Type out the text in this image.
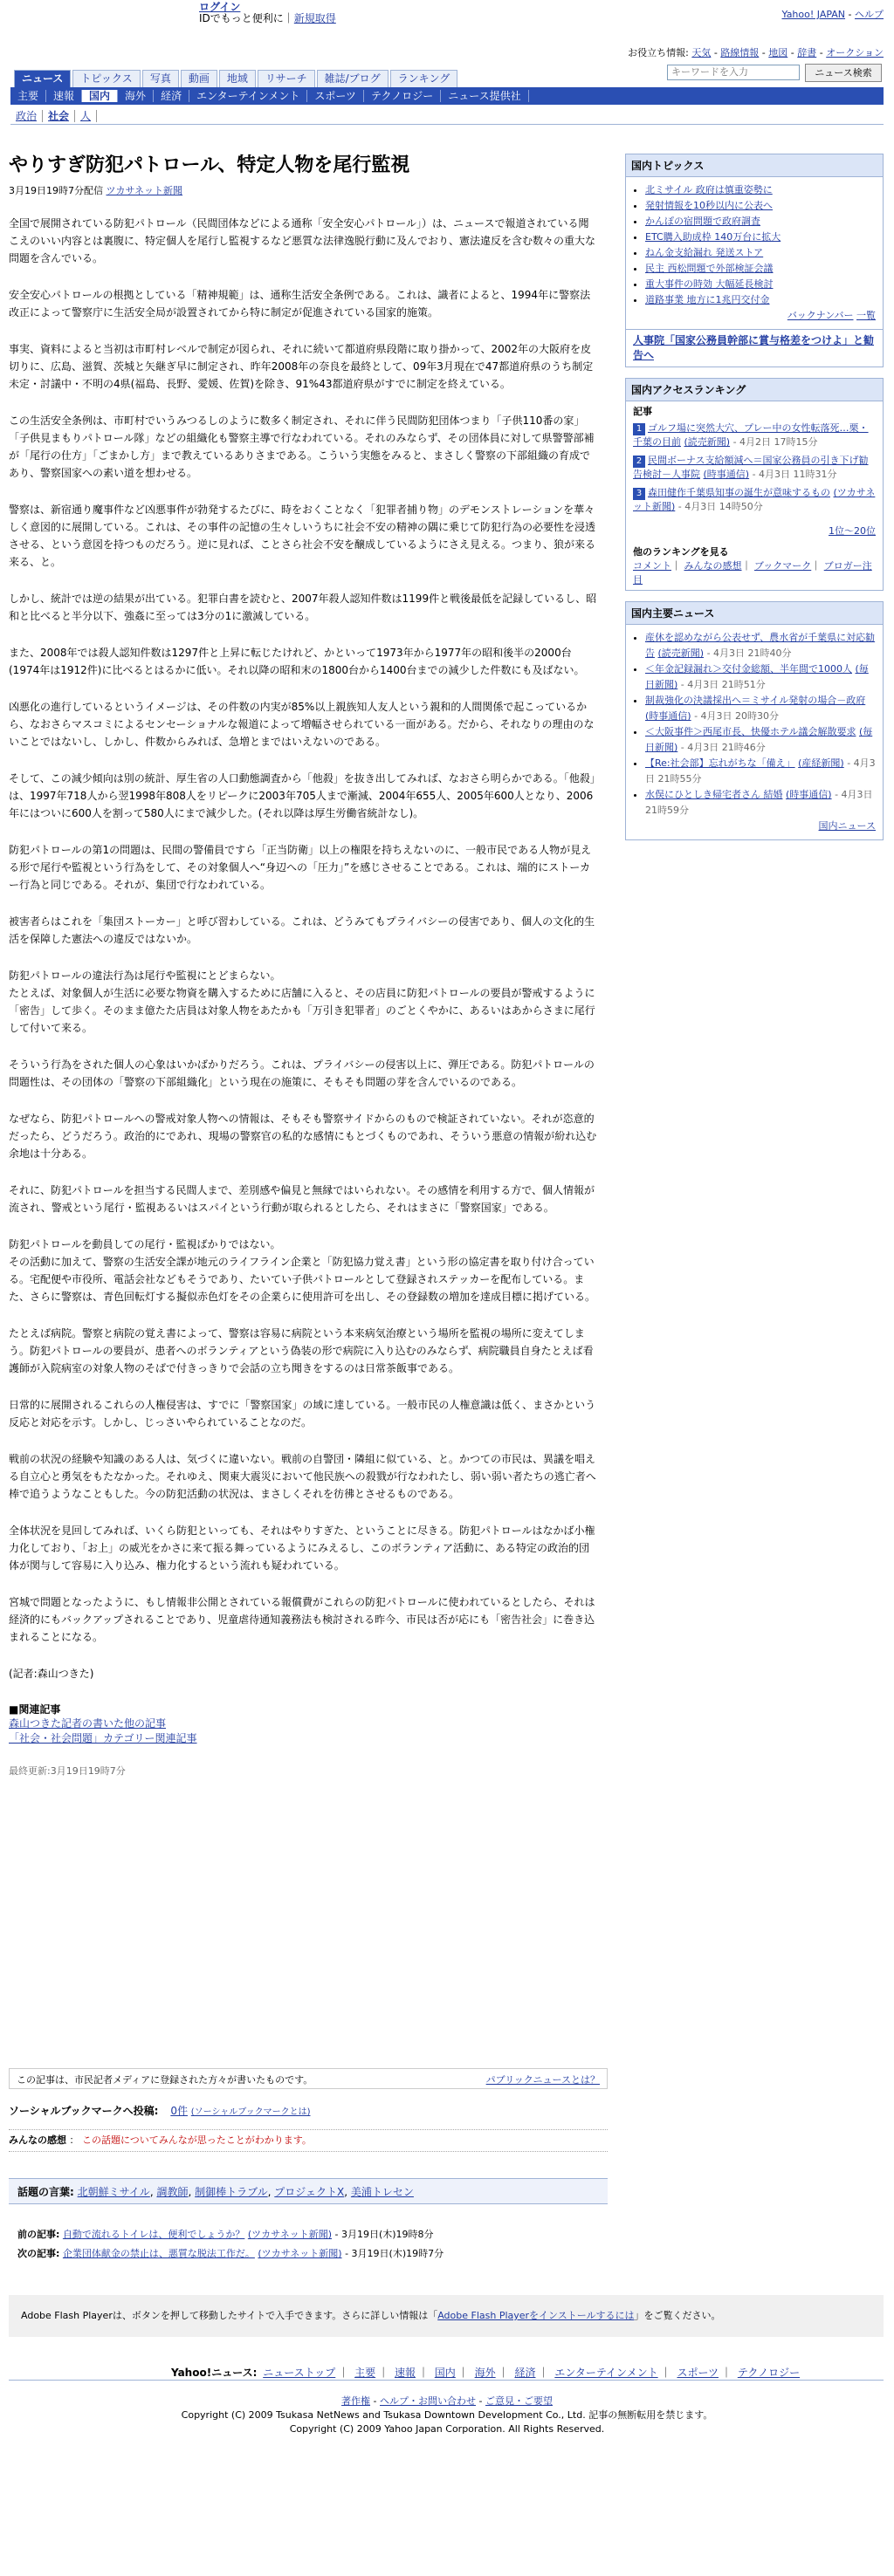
ログイン
IDでもっと便利に｜新規取得	Yahoo! JAPAN - ヘルプ
お役立ち情報: 天気 - 路線情報 - 地図 - 辞書 - オークション
キーワードを入力
ニュース検索
ニュース	トピックス	写真	動画	地域	リサーチ	雑誌/ブログ	ランキング
主要	速報	国内	海外	経済	エンターテインメント	スポーツ	テクノロジー	ニュース提供社
政治	社会	人
やりすぎ防犯パトロール、特定人物を尾行監視
3月19日19時7分配信 ツカサネット新聞

全国で展開されている防犯パトロール（民間団体などによる通称「安全安心パトロール」）は、ニュースで報道されている聞こえのいい内容とは裏腹に、特定個人を尾行し監視するなど悪質な法律逸脱行動に及んでおり、憲法違反を含む数々の重大な問題を含んでいる。

安全安心パトロールの根拠としている「精神規範」は、通称生活安全条例である。これは、識者によると、1994年に警察法改正によって警察庁に生活安全局が設置されてから特に制定が促進されている国家的施策。

事実、資料によると当初は市町村レベルで制定が図られ、それに続いて都道府県段階に取り掛かって、2002年の大阪府を皮切りに、広島、滋賀、茨城と矢継ぎ早に制定され、昨年2008年の奈良を最終として、09年3月現在で47都道府県のうち制定未定・討議中・不明の4県(福島、長野、愛媛、佐賀)を除き、91%43都道府県がすでに制定を終えている。

この生活安全条例は、市町村でいうみつるしのように数多く制定され、それに伴う民間防犯団体つまり「子供110番の家」「子供見まもりパトロール隊」などの組織化も警察主導で行なわれている。それのみならず、その団体員に対して県警警部補が「尾行の仕方」「ごまかし方」まで教えているありさまである。こういう実態をみると、まさしく警察の下部組織の育成であり、警察国家への素い道を想わせる。

警察は、新宿通り魔事件など凶悪事件が勃発するたびに、時をおくことなく「犯罪者捕り物」のデモンストレーションを華々しく意図的に展開している。これは、その事件の記憶の生々しいうちに社会不安の精神の隅に乗じて防犯行為の必要性を浸透させる、という意図を持つものだろう。逆に見れば、ことさら社会不安を醸成しているようにさえ見える。つまり、狼が来る来る、と。

しかし、統計では逆の結果が出ている。犯罪白書を読むと、2007年殺人認知件数は1199件と戦後最低を記録しているし、昭和と比べると半分以下、強姦に至っては3分の1に激減している。

また、2008年では殺人認知件数は1297件と上昇に転じたけれど、かといって1973年から1977年の昭和後半の2000台(1974年は1912件)に比べるとはるかに低い。それ以降の昭和末の1800台から1400台までの減少した件数にも及ばない。

凶悪化の進行しているというイメージは、その件数の内実が85%以上親族知人友人という親和的人間関係で起こっているから、なおさらマスコミによるセンセーショナルな報道によって増幅させられている一面がある。だから、それなりの理由のないことではないし、しかし、件数からみれば、急増とまではいえないのである。

そして、この減少傾向は別の統計、厚生省の人口動態調査から「他殺」を抜き出してみれば、なおさら明らかである。「他殺」は、1997年718人から翌1998年808人をリピークに2003年705人まで漸減、2004年655人、2005年600人となり、2006年にはついに600人を割って580人にまで減少した。(それ以降は厚生労働省統計なし)。

防犯パトロールの第1の問題は、民間の警備員ですら「正当防衛」以上の権限を持ちえないのに、一般市民である人物が見える形で尾行や監視という行為をして、その対象個人へ“身辺への「圧力」”を感じさせることである。これは、端的にストーカー行為と同じである。それが、集団で行なわれている。

被害者らはこれを「集団ストーカー」と呼び習わしている。これは、どうみてもプライバシーの侵害であり、個人の文化的生活を保障した憲法への違反ではないか。

防犯パトロールの違法行為は尾行や監視にとどまらない。
たとえば、対象個人が生活に必要な物資を購入するために店舗に入ると、その店員に防犯パトロールの要員が警戒するように「密告」して歩く。そのまま億たた店員は対象人物をあたかも「万引き犯罪者」のごとくやかに、あるいはあからさまに尾行して付いて来る。

そういう行為をされた個人の心象はいかばかりだろう。これは、プライバシーの侵害以上に、弾圧である。防犯パトロールの問題性は、その団体の「警察の下部組織化」という現在の施策に、そもそも問題の芽を含んでいるのである。

なぜなら、防犯パトロールへの警戒対象人物への情報は、そもそも警察サイドからのもので検証されていない。それが恣意的だったら、どうだろう。政治的にであれ、現場の警察官の私的な感情にもとづくものであれ、そういう悪意の情報が紛れ込む余地は十分ある。

それに、防犯パトロールを担当する民間人まで、差別感や偏見と無縁ではいられない。その感情を利用する方で、個人情報が流され、警戒という尾行・監視あるいはスパイという行動が取られるとしたら、それはまさに「警察国家」である。

防犯パトロールを動員しての尾行・監視ばかりではない。
その活動に加えて、警察の生活安全課が地元のライフライン企業と「防犯協力覚え書」という形の協定書を取り付け合っている。宅配便や市役所、電話会社などもそうであり、たいてい子供パトロールとして登録されステッカーを配布している。また、さらに警察は、青色回転灯する擬似赤色灯をその企業らに使用許可を出し、その登録数の増加を達成目標に掲げている。

たとえば病院。警察と病院の覚え書によって、警察は容易に病院という本来病気治療という場所を監視の場所に変えてしまう。防犯パトロールの要員が、患者へのボランティアという偽装の形で病院に入り込むのみならず、病院職員自身たとえば看護師が入院病室の対象人物のそばで付きっきりで会話の立ち聞きをするのは日常茶飯事である。

日常的に展開されるこれらの人権侵害は、すでに「警察国家」の域に達している。一般市民の人権意識は低く、まさかという反応と対応を示す。しかし、じっさいやられていることなのだ。

戦前の状況の経験や知識のある人は、気づくに違いない。戦前の自警団・隣組に似ている、と。かつての市民は、異議を唱える自立心と勇気をもたなかった。それゆえ、関東大震災において他民族への殺戮が行なわれたし、弱い弱い者たちの逃亡者へ棒で追うようなこともした。今の防犯活動の状況は、まさしくそれを彷彿とさせるものである。

全体状況を見回してみれば、いくら防犯といっても、それはやりすぎた、ということに尽きる。防犯パトロールはなかば小権力化しており、「お上」の威光をかさに来て振る舞っているようにみえるし、このボランティア活動に、ある特定の政治的団体が関与して容易に入り込み、権力化するという流れも疑われている。

宮城で問題となったように、もし情報非公開とされている報償費がこれらの防犯パトロールに使われているとしたら、それは経済的にもバックアップされることであり、児童虐待通知義務法も検討される昨今、市民は否が応にも「密告社会」に巻き込まれることになる。

(記者:森山つきた)

■関連記事
森山つきた記者の書いた他の記事
「社会・社会問題」カテゴリー関連記事
最終更新:3月19日19時7分
この記事は、市民記者メディアに登録された方々が書いたものです。	パブリックニュースとは？
ソーシャルブックマークへ投稿: 0件 (ソーシャルブックマークとは)
みんなの感想 ： この話題についてみんなが思ったことがわかります。
話題の言葉: 北朝鮮ミサイル, 調教師, 制御棒トラブル, プロジェクトX, 美浦トレセン
前の記事: 自動で流れるトイレは、便利でしょうか？ (ツカサネット新聞) - 3月19日(木)19時8分
次の記事: 企業団体献金の禁止は、悪質な脱法工作だ。 (ツカサネット新聞) - 3月19日(木)19時7分
Adobe Flash Playerは、ボタンを押して移動したサイトで入手できます。さらに詳しい情報は「Adobe Flash Playerをインストールするには」をご覧ください。
Yahoo!ニュース: ニューストップ ｜ 主要 ｜ 速報 ｜ 国内 ｜ 海外 ｜ 経済 ｜ エンターテインメント ｜ スポーツ ｜ テクノロジー
著作権 - ヘルプ・お問い合わせ - ご意見・ご要望
Copyright (C) 2009 Tsukasa NetNews and Tsukasa Downtown Development Co., Ltd. 記事の無断転用を禁じます。
Copyright (C) 2009 Yahoo Japan Corporation. All Rights Reserved.
国内トピックス
• 北ミサイル 政府は慎重姿勢に
• 発射情報を10秒以内に公表へ
• かんぽの宿問題で政府調査
• ETC購入助成枠 140万台に拡大
• ねん金支給漏れ 発送ストア
• 民主 西松問題で外部検証会議
• 重大事件の時効 大幅延長検討
• 道路事業 地方に1兆円交付金
バックナンバー 一覧
人事院「国家公務員幹部に賞与格差をつけよ」と勧告へ
国内アクセスランキング
記事
1 ゴルフ場に突然大穴、プレー中の女性転落死…栗・千葉の目前 (読売新聞) - 4月2日 17時15分
2 民間ボーナス支給額減へ＝国家公務員の引き下げ勧告検討－人事院 (時事通信) - 4月3日 11時31分
3 森田健作千葉県知事の誕生が意味するもの (ツカサネット新聞) - 4月3日 14時50分
1位～20位
他のランキングを見る
コメント｜ みんなの感想｜ ブックマーク｜ ブロガー注目
国内主要ニュース
• 産休を認めながら公表せず、農水省が千葉県に対応勧告 (読売新聞) - 4月3日 21時40分
• ＜年金記録漏れ＞交付金総額、半年間で1000人 (毎日新聞) - 4月3日 21時51分
• 制裁強化の決議採出へ＝ミサイル発射の場合－政府 (時事通信) - 4月3日 20時30分
• ＜大阪事件＞西尾市長、快優ホテル議会解散要求 (毎日新聞) - 4月3日 21時46分
• 【Re:社会部】忘れがちな「備え」 (産経新聞) - 4月3日 21時55分
• 水俣にひとしき帰宅者さん 結婚 (時事通信) - 4月3日 21時59分
国内ニュース
